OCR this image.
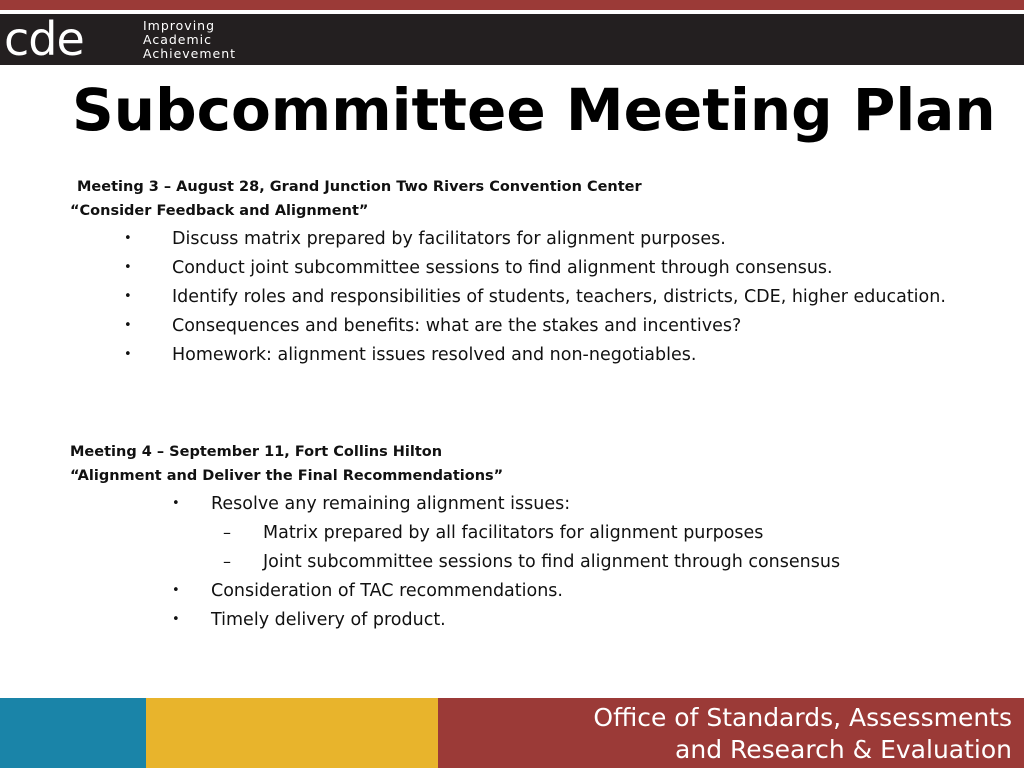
cde	Improving
Academic
Achievement
Subcommittee Meeting Plan
Meeting 3 – August 28, Grand Junction Two Rivers Convention Center
“Consider Feedback and Alignment”
•	Discuss matrix prepared by facilitators for alignment purposes.
•	Conduct joint subcommittee sessions to find alignment through consensus.
•	Identify roles and responsibilities of students, teachers, districts, CDE, higher education.
•	Consequences and benefits: what are the stakes and incentives?
•	Homework: alignment issues resolved and non-negotiables.
Meeting 4 – September 11, Fort Collins Hilton
“Alignment and Deliver the Final Recommendations”
•	Resolve any remaining alignment issues:
–	Matrix prepared by all facilitators for alignment purposes
–	Joint subcommittee sessions to find alignment through consensus
•	Consideration of TAC recommendations.
•	Timely delivery of product.
Office of Standards, Assessments
and Research & Evaluation
